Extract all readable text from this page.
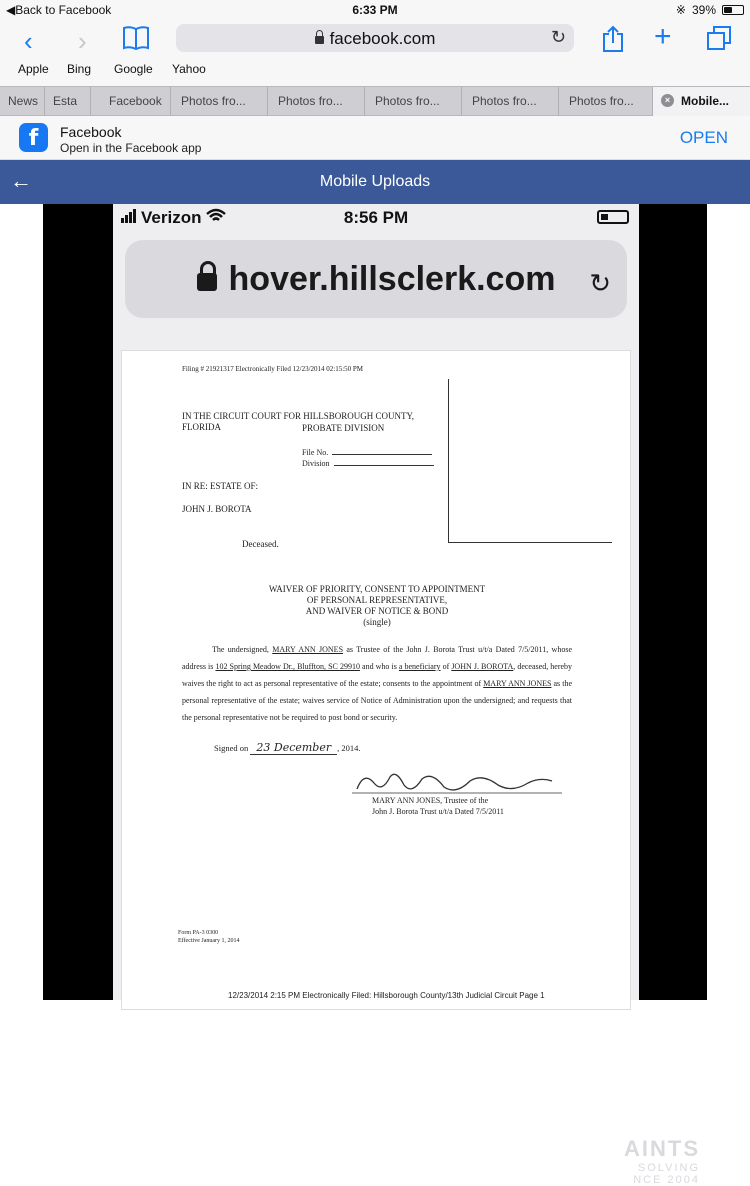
◀Back to Facebook	6:33 PM	※ 39%
‹ ›	facebook.com	↻	+
Apple Bing Google Yahoo
News	Esta	Facebook	Photos fro...	Photos fro...	Photos fro...	Photos fro...	Photos fro...	× Mobile...
f	Facebook
Open in the Facebook app
OPEN
←	Mobile Uploads
Verizon	8:56 PM
hover.hillsclerk.com	↻
Filing # 21921317 Electronically Filed 12/23/2014 02:15:50 PM
IN THE CIRCUIT COURT FOR HILLSBOROUGH COUNTY,
FLORIDA	PROBATE DIVISION
File No.
Division
IN RE: ESTATE OF:
JOHN J. BOROTA
Deceased.
WAIVER OF PRIORITY, CONSENT TO APPOINTMENT
OF PERSONAL REPRESENTATIVE,
AND WAIVER OF NOTICE & BOND
(single)
The undersigned, MARY ANN JONES as Trustee of the John J. Borota Trust u/t/a Dated 7/5/2011, whose address is 102 Spring Meadow Dr., Bluffton, SC 29910 and who is a beneficiary of JOHN J. BOROTA, deceased, hereby waives the right to act as personal representative of the estate; consents to the appointment of MARY ANN JONES as the personal representative of the estate; waives service of Notice of Administration upon the undersigned; and requests that the personal representative not be required to post bond or security.
Signed on 23 December , 2014.
MARY ANN JONES, Trustee of the
John J. Borota Trust u/t/a Dated 7/5/2011
Form PA-3 0300
Effective January 1, 2014
12/23/2014 2:15 PM Electronically Filed: Hillsborough County/13th Judicial Circuit Page 1
AINTS
SOLVING
NCE 2004
